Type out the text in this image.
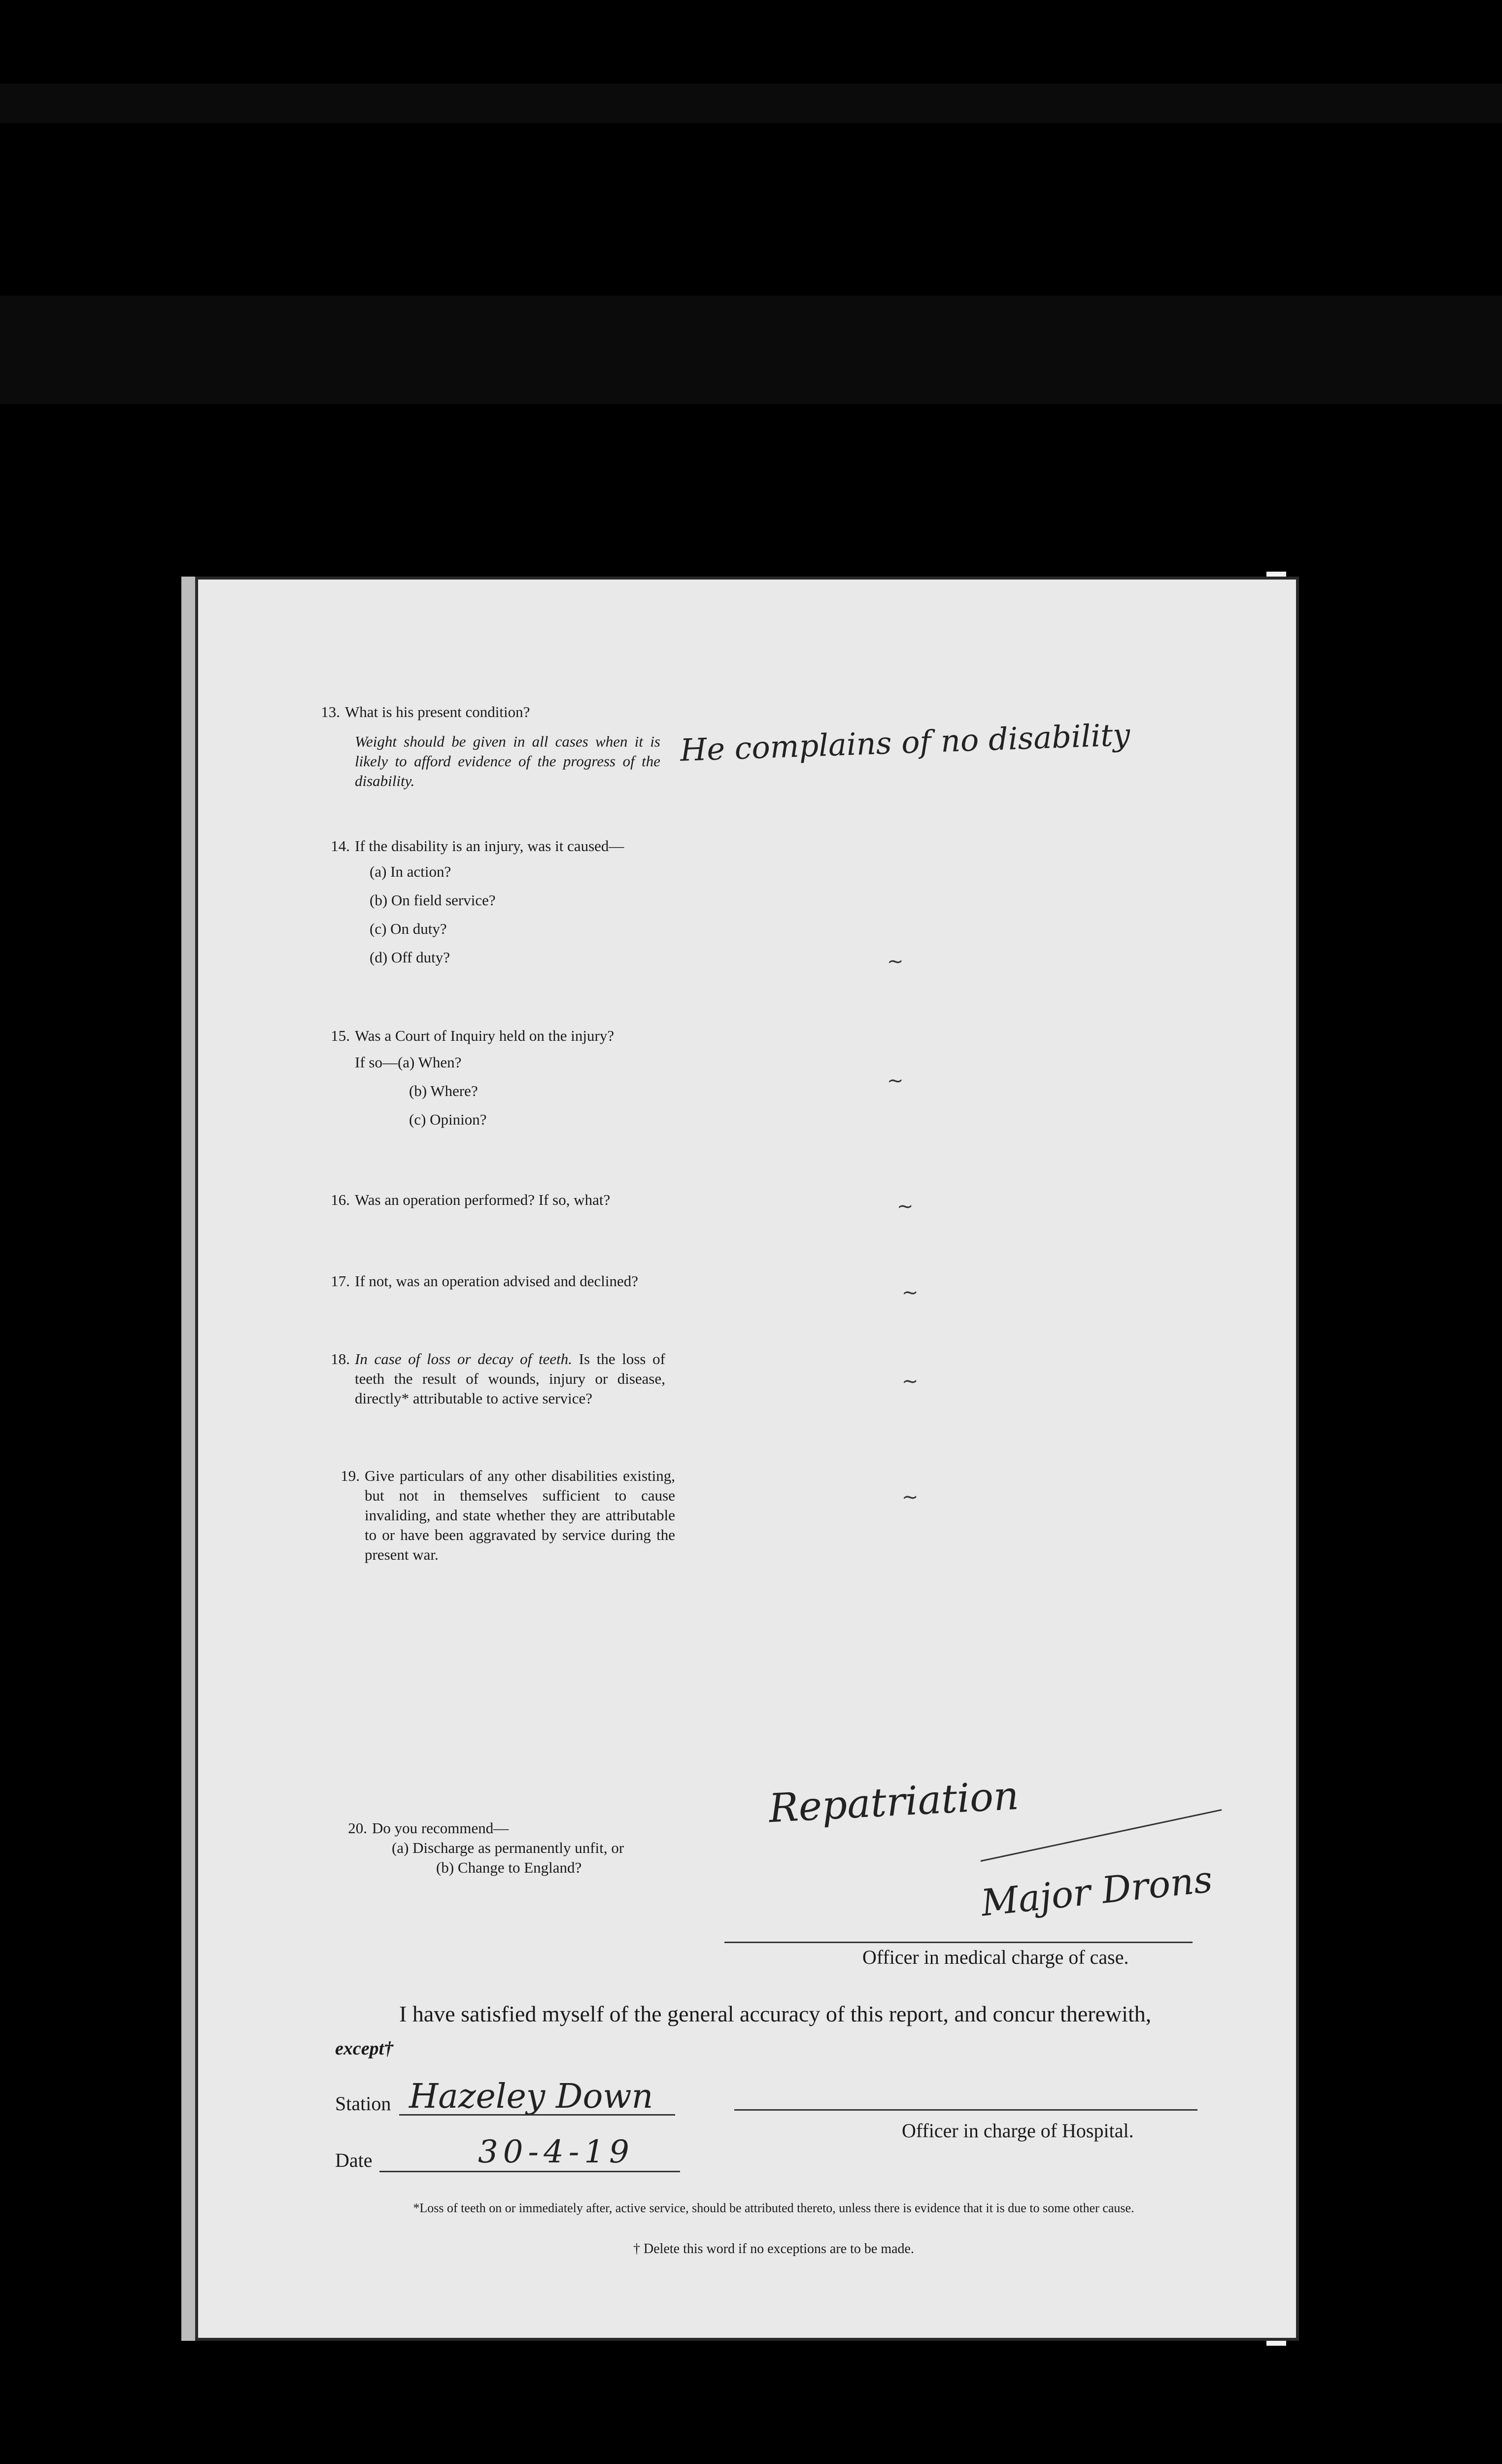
13. What is his present condition?
Weight should be given in all cases when it is likely to afford evidence of the progress of the disability.
He complains of no disability
14. If the disability is an injury, was it caused—
(a) In action?
(b) On field service?
(c) On duty?
(d) Off duty?	~
15. Was a Court of Inquiry held on the injury?
If so—(a) When?
(b) Where?
(c) Opinion?
~
16. Was an operation performed? If so, what?	~
17. If not, was an operation advised and declined?
~
18. In case of loss or decay of teeth. Is the loss of teeth the result of wounds, injury or disease, directly* attributable to active service?
~
19. Give particulars of any other disabilities existing, but not in themselves sufficient to cause invaliding, and state whether they are attributable to or have been aggravated by service during the present war.
~
20. Do you recommend—
(a) Discharge as permanently unfit, or
(b) Change to England?
Repatriation
Major Drons
Officer in medical charge of case.
I have satisfied myself of the general accuracy of this report, and concur therewith,
except†
Station Hazeley Down
Officer in charge of Hospital.
Date	30-4-19
*Loss of teeth on or immediately after, active service, should be attributed thereto, unless there is evidence that it is due to some other cause.
† Delete this word if no exceptions are to be made.
